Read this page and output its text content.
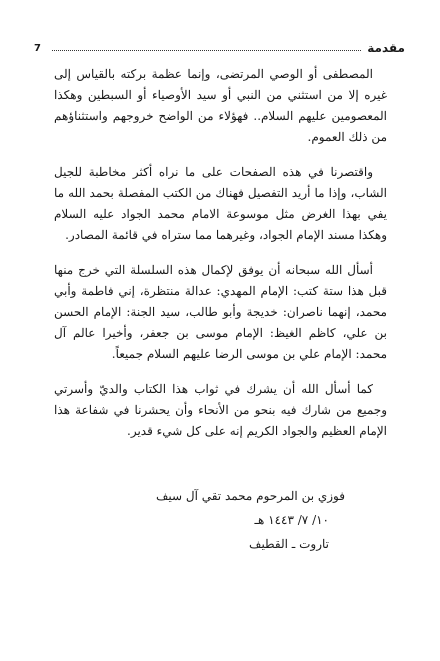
7	مقدمة

المصطفى أو الوصي المرتضى، وإنما عظمة بركته بالقياس إلى غيره إلا من استثني من النبي أو سيد الأوصياء أو السبطين وهكذا المعصومين عليهم السلام.. فهؤلاء من الواضح خروجهم واستثناؤهم من ذلك العموم.

واقتصرنا في هذه الصفحات على ما نراه أكثر مخاطبة للجيل الشاب، وإذا ما أريد التفصيل فهناك من الكتب المفصلة بحمد الله ما يفي بهذا الغرض مثل موسوعة الامام محمد الجواد عليه السلام وهكذا مسند الإمام الجواد، وغيرهما مما ستراه في قائمة المصادر.

أسأل الله سبحانه أن يوفق لإكمال هذه السلسلة التي خرج منها قبل هذا ستة كتب: الإمام المهدي: عدالة منتظرة، إني فاطمة وأبي محمد، إنهما ناصران: خديجة وأبو طالب، سيد الجنة: الإمام الحسن بن علي، كاظم الغيظ: الإمام موسى بن جعفر، وأخيرا عالم آل محمد: الإمام علي بن موسى الرضا عليهم السلام جميعاً.

كما أسأل الله أن يشرك في ثواب هذا الكتاب والديّ وأسرتي وجميع من شارك فيه بنحو من الأنحاء وأن يحشرنا في شفاعة هذا الإمام العظيم والجواد الكريم إنه على كل شيء قدير.

فوزي بن المرحوم محمد تقي آل سيف
١٠/ ٧/ ١٤٤٣ هـ
تاروت ـ القطيف
